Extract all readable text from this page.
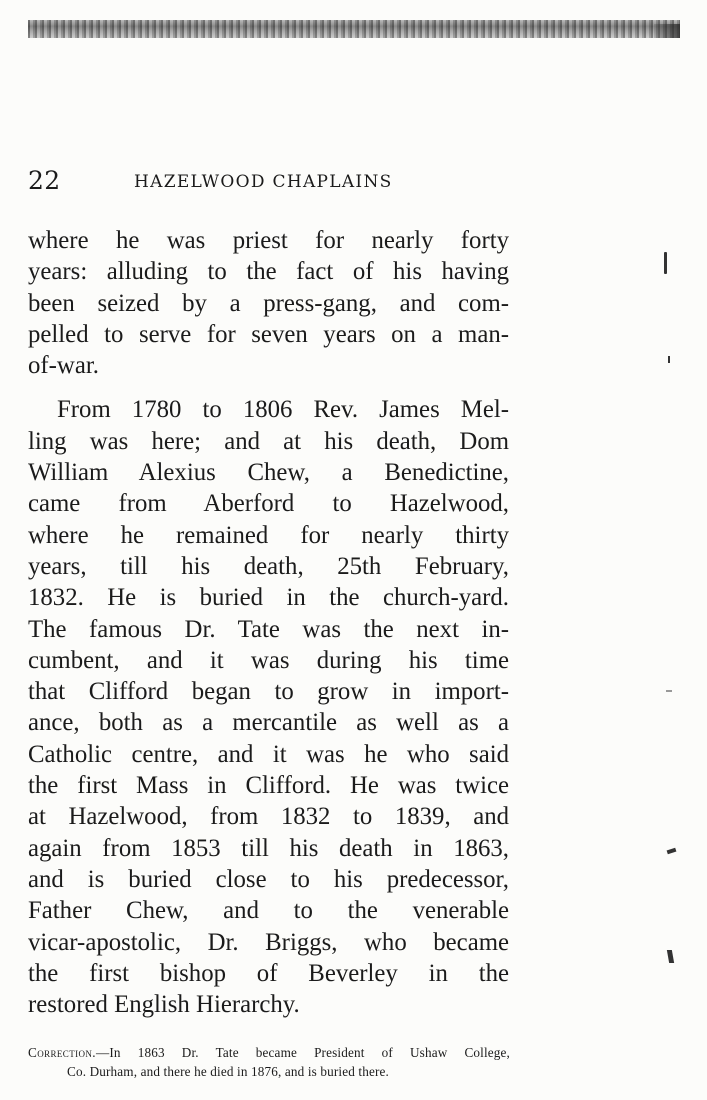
22	HAZELWOOD CHAPLAINS
where he was priest for nearly forty
years: alluding to the fact of his having
been seized by a press-gang, and com-
pelled to serve for seven years on a man-
of-war.
From 1780 to 1806 Rev. James Mel-
ling was here; and at his death, Dom
William Alexius Chew, a Benedictine,
came from Aberford to Hazelwood,
where he remained for nearly thirty
years, till his death, 25th February,
1832. He is buried in the church-yard.
The famous Dr. Tate was the next in-
cumbent, and it was during his time
that Clifford began to grow in import-
ance, both as a mercantile as well as a
Catholic centre, and it was he who said
the first Mass in Clifford. He was twice
at Hazelwood, from 1832 to 1839, and
again from 1853 till his death in 1863,
and is buried close to his predecessor,
Father Chew, and to the venerable
vicar-apostolic, Dr. Briggs, who became
the first bishop of Beverley in the
restored English Hierarchy.
Correction.—In 1863 Dr. Tate became President of Ushaw College,
Co. Durham, and there he died in 1876, and is buried there.
